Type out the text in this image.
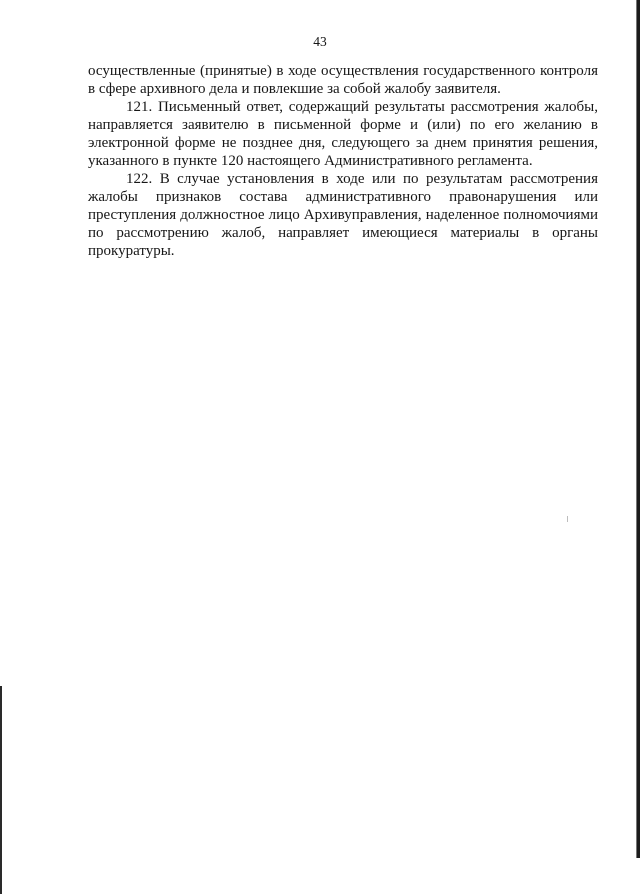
43

осуществленные (принятые) в ходе осуществления государственного контроля
в сфере архивного дела и повлекшие за собой жалобу заявителя.

121. Письменный ответ, содержащий результаты рассмотрения жалобы,
направляется заявителю в письменной форме и (или) по его желанию в
электронной форме не позднее дня, следующего за днем принятия решения,
указанного в пункте 120 настоящего Административного регламента.

122. В случае установления в ходе или по результатам рассмотрения
жалобы признаков состава административного правонарушения или
преступления должностное лицо Архивуправления, наделенное полномочиями
по рассмотрению жалоб, направляет имеющиеся материалы в органы
прокуратуры.
